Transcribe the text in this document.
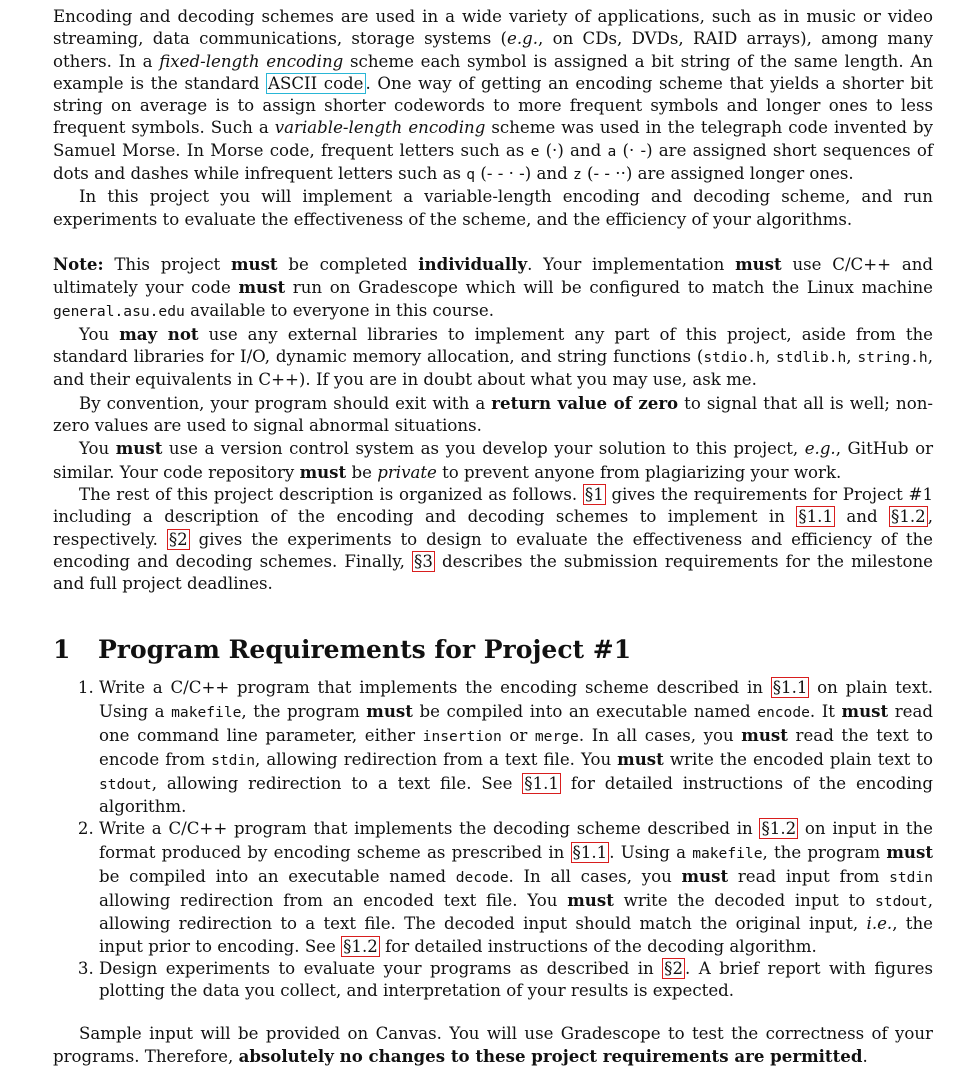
Encoding and decoding schemes are used in a wide variety of applications, such as in music or video streaming, data communications, storage systems (e.g., on CDs, DVDs, RAID arrays), among many others. In a fixed-length encoding scheme each symbol is assigned a bit string of the same length. An example is the standard ASCII code . One way of getting an encoding scheme that yields a shorter bit string on average is to assign shorter codewords to more frequent symbols and longer ones to less frequent symbols. Such a variable-length encoding scheme was used in the telegraph code invented by Samuel Morse. In Morse code, frequent letters such as e (·) and a (· -) are assigned short sequences of dots and dashes while infrequent letters such as q (- - · -) and z (- - ··) are assigned longer ones.

In this project you will implement a variable-length encoding and decoding scheme, and run experiments to evaluate the effectiveness of the scheme, and the efficiency of your algorithms.

Note: This project must be completed individually. Your implementation must use C/C++ and ultimately your code must run on Gradescope which will be configured to match the Linux machine general.asu.edu available to everyone in this course.

You may not use any external libraries to implement any part of this project, aside from the standard libraries for I/O, dynamic memory allocation, and string functions (stdio.h, stdlib.h, string.h, and their equivalents in C++). If you are in doubt about what you may use, ask me.

By convention, your program should exit with a return value of zero to signal that all is well; non-zero values are used to signal abnormal situations.

You must use a version control system as you develop your solution to this project, e.g., GitHub or similar. Your code repository must be private to prevent anyone from plagiarizing your work.

The rest of this project description is organized as follows. §1 gives the requirements for Project #1 including a description of the encoding and decoding schemes to implement in §1.1 and §1.2 , respectively. §2 gives the experiments to design to evaluate the effectiveness and efficiency of the encoding and decoding schemes. Finally, §3 describes the submission requirements for the milestone and full project deadlines.

1 Program Requirements for Project #1
1. Write a C/C++ program that implements the encoding scheme described in §1.1 on plain text. Using a makefile, the program must be compiled into an executable named encode. It must read one command line parameter, either insertion or merge. In all cases, you must read the text to encode from stdin, allowing redirection from a text file. You must write the encoded plain text to stdout, allowing redirection to a text file. See §1.1 for detailed instructions of the encoding algorithm.
2. Write a C/C++ program that implements the decoding scheme described in §1.2 on input in the format produced by encoding scheme as prescribed in §1.1 . Using a makefile, the program must be compiled into an executable named decode. In all cases, you must read input from stdin allowing redirection from an encoded text file. You must write the decoded input to stdout, allowing redirection to a text file. The decoded input should match the original input, i.e., the input prior to encoding. See §1.2 for detailed instructions of the decoding algorithm.
3. Design experiments to evaluate your programs as described in §2 . A brief report with figures plotting the data you collect, and interpretation of your results is expected.

Sample input will be provided on Canvas. You will use Gradescope to test the correctness of your programs. Therefore, absolutely no changes to these project requirements are permitted.
